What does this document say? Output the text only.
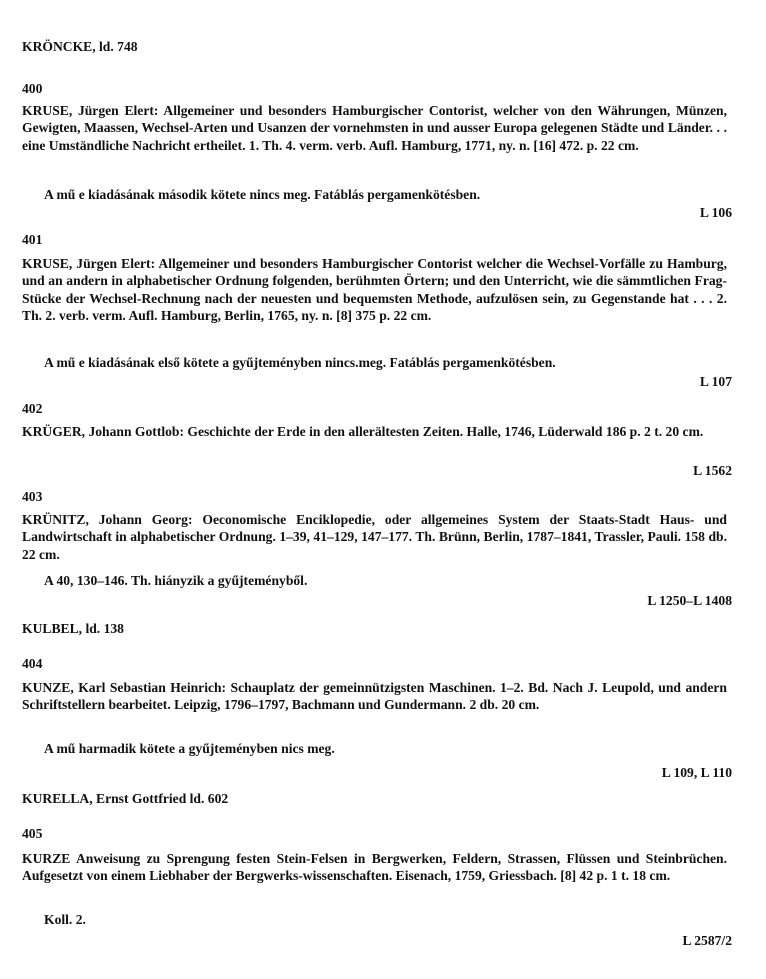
KRÖNCKE, ld. 748
400
KRUSE, Jürgen Elert: Allgemeiner und besonders Hamburgischer Contorist, welcher von den Währungen, Münzen, Gewigten, Maassen, Wechsel-Arten und Usanzen der vornehmsten in und ausser Europa gelegenen Städte und Länder. . . eine Umständliche Nachricht ertheilet. 1. Th. 4. verm. verb. Aufl. Hamburg, 1771, ny. n. [16] 472. p. 22 cm.
A mű e kiadásának második kötete nincs meg. Fatáblás pergamenkötésben.
L 106
401
KRUSE, Jürgen Elert: Allgemeiner und besonders Hamburgischer Contorist welcher die Wechsel-Vorfälle zu Hamburg, und an andern in alphabetischer Ordnung folgenden, berühmten Örtern; und den Unterricht, wie die sämmtlichen Frag-Stücke der Wechsel-Rechnung nach der neuesten und bequemsten Methode, aufzulösen sein, zu Gegenstande hat . . . 2. Th. 2. verb. verm. Aufl. Hamburg, Berlin, 1765, ny. n. [8] 375 p. 22 cm.
A mű e kiadásának első kötete a gyűjteményben nincs.meg. Fatáblás pergamenkötésben.
L 107
402
KRÜGER, Johann Gottlob: Geschichte der Erde in den allerältesten Zeiten. Halle, 1746, Lüderwald 186 p. 2 t. 20 cm.
L 1562
403
KRÜNITZ, Johann Georg: Oeconomische Enciklopedie, oder allgemeines System der Staats-Stadt Haus- und Landwirtschaft in alphabetischer Ordnung. 1–39, 41–129, 147–177. Th. Brünn, Berlin, 1787–1841, Trassler, Pauli. 158 db. 22 cm.
A 40, 130–146. Th. hiányzik a gyűjteményből.
L 1250–L 1408
KULBEL, ld. 138
404
KUNZE, Karl Sebastian Heinrich: Schauplatz der gemeinnützigsten Maschinen. 1–2. Bd. Nach J. Leupold, und andern Schriftstellern bearbeitet. Leipzig, 1796–1797, Bachmann und Gundermann. 2 db. 20 cm.
A mű harmadik kötete a gyűjteményben nics meg.
L 109, L 110
KURELLA, Ernst Gottfried ld. 602
405
KURZE Anweisung zu Sprengung festen Stein-Felsen in Bergwerken, Feldern, Strassen, Flüssen und Steinbrüchen. Aufgesetzt von einem Liebhaber der Bergwerks-wissenschaften. Eisenach, 1759, Griessbach. [8] 42 p. 1 t. 18 cm.
Koll. 2.
L 2587/2
